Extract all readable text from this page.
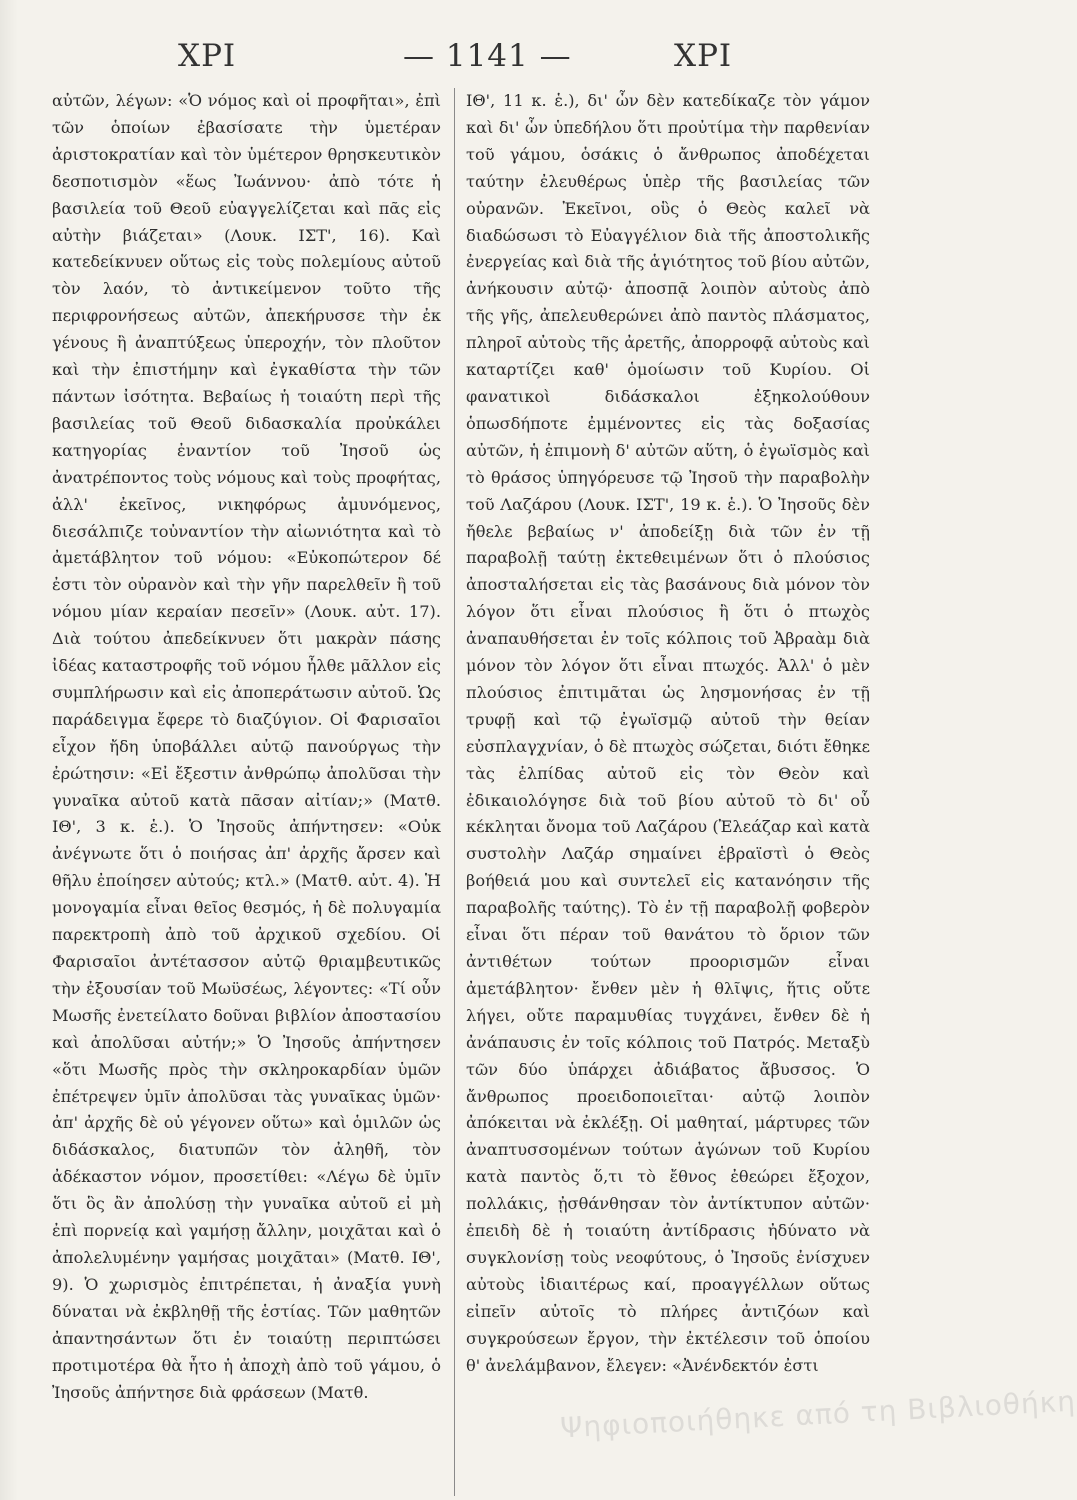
ΧΡΙ	— 1141 —	ΧΡΙ

αὐτῶν, λέγων: «Ὁ νόμος καὶ οἱ προφῆται», ἐπὶ τῶν ὁποίων ἐβασίσατε τὴν ὑμετέραν ἀριστοκρατίαν καὶ τὸν ὑμέτερον θρησκευτικὸν δεσποτισμὸν «ἕως Ἰωάννου· ἀπὸ τότε ἡ βασιλεία τοῦ Θεοῦ εὐαγγελίζεται καὶ πᾶς εἰς αὐτὴν βιάζεται» (Λουκ. ΙΣΤ', 16). Καὶ κατεδείκνυεν οὕτως εἰς τοὺς πολεμίους αὐτοῦ τὸν λαόν, τὸ ἀντικείμενον τοῦτο τῆς περιφρονήσεως αὐτῶν, ἀπεκήρυσσε τὴν ἐκ γένους ἢ ἀναπτύξεως ὑπεροχήν, τὸν πλοῦτον καὶ τὴν ἐπιστήμην καὶ ἐγκαθίστα τὴν τῶν πάντων ἰσότητα. Βεβαίως ἡ τοιαύτη περὶ τῆς βασιλείας τοῦ Θεοῦ διδασκαλία προὐκάλει κατηγορίας ἐναντίον τοῦ Ἰησοῦ ὡς ἀνατρέποντος τοὺς νόμους καὶ τοὺς προφήτας, ἀλλ' ἐκεῖνος, νικηφόρως ἀμυνόμενος, διεσάλπιζε τοὐναντίον τὴν αἰωνιότητα καὶ τὸ ἀμετάβλητον τοῦ νόμου: «Εὐκοπώτερον δέ ἐστι τὸν οὐρανὸν καὶ τὴν γῆν παρελθεῖν ἢ τοῦ νόμου μίαν κεραίαν πεσεῖν» (Λουκ. αὐτ. 17). Διὰ τούτου ἀπεδείκνυεν ὅτι μακρὰν πάσης ἰδέας καταστροφῆς τοῦ νόμου ἦλθε μᾶλλον εἰς συμπλήρωσιν καὶ εἰς ἀποπεράτωσιν αὐτοῦ. Ὡς παράδειγμα ἔφερε τὸ διαζύγιον. Οἱ Φαρισαῖοι εἶχον ἤδη ὑποβάλλει αὐτῷ πανούργως τὴν ἐρώτησιν: «Εἰ ἔξεστιν ἀνθρώπῳ ἀπολῦσαι τὴν γυναῖκα αὐτοῦ κατὰ πᾶσαν αἰτίαν;» (Ματθ. ΙΘ', 3 κ. ἑ.). Ὁ Ἰησοῦς ἀπήντησεν: «Οὐκ ἀνέγνωτε ὅτι ὁ ποιήσας ἀπ' ἀρχῆς ἄρσεν καὶ θῆλυ ἐποίησεν αὐτούς; κτλ.» (Ματθ. αὐτ. 4). Ἡ μονογαμία εἶναι θεῖος θεσμός, ἡ δὲ πολυγαμία παρεκτροπὴ ἀπὸ τοῦ ἀρχικοῦ σχεδίου. Οἱ Φαρισαῖοι ἀντέτασσον αὐτῷ θριαμβευτικῶς τὴν ἐξουσίαν τοῦ Μωϋσέως, λέγοντες: «Τί οὖν Μωσῆς ἐνετείλατο δοῦναι βιβλίον ἀποστασίου καὶ ἀπολῦσαι αὐτήν;» Ὁ Ἰησοῦς ἀπήντησεν «ὅτι Μωσῆς πρὸς τὴν σκληροκαρδίαν ὑμῶν ἐπέτρεψεν ὑμῖν ἀπολῦσαι τὰς γυναῖκας ὑμῶν· ἀπ' ἀρχῆς δὲ οὐ γέγονεν οὕτω» καὶ ὁμιλῶν ὡς διδάσκαλος, διατυπῶν τὸν ἀληθῆ, τὸν ἀδέκαστον νόμον, προσετίθει: «Λέγω δὲ ὑμῖν ὅτι ὃς ἂν ἀπολύσῃ τὴν γυναῖκα αὐτοῦ εἰ μὴ ἐπὶ πορνείᾳ καὶ γαμήσῃ ἄλλην, μοιχᾶται καὶ ὁ ἀπολελυμένην γαμήσας μοιχᾶται» (Ματθ. ΙΘ', 9). Ὁ χωρισμὸς ἐπιτρέπεται, ἡ ἀναξία γυνὴ δύναται νὰ ἐκβληθῇ τῆς ἑστίας. Τῶν μαθητῶν ἀπαντησάντων ὅτι ἐν τοιαύτῃ περιπτώσει προτιμοτέρα θὰ ἦτο ἡ ἀποχὴ ἀπὸ τοῦ γάμου, ὁ Ἰησοῦς ἀπήντησε διὰ φράσεων (Ματθ.

ΙΘ', 11 κ. ἑ.), δι' ὧν δὲν κατεδίκαζε τὸν γάμον καὶ δι' ὧν ὑπεδήλου ὅτι προὐτίμα τὴν παρθενίαν τοῦ γάμου, ὁσάκις ὁ ἄνθρωπος ἀποδέχεται ταύτην ἐλευθέρως ὑπὲρ τῆς βασιλείας τῶν οὐρανῶν. Ἐκεῖνοι, οὓς ὁ Θεὸς καλεῖ νὰ διαδώσωσι τὸ Εὐαγγέλιον διὰ τῆς ἀποστολικῆς ἐνεργείας καὶ διὰ τῆς ἁγιότητος τοῦ βίου αὐτῶν, ἀνήκουσιν αὐτῷ· ἀποσπᾷ λοιπὸν αὐτοὺς ἀπὸ τῆς γῆς, ἀπελευθερώνει ἀπὸ παντὸς πλάσματος, πληροῖ αὐτοὺς τῆς ἀρετῆς, ἀπορροφᾷ αὐτοὺς καὶ καταρτίζει καθ' ὁμοίωσιν τοῦ Κυρίου. Οἱ φανατικοὶ διδάσκαλοι ἐξηκολούθουν ὁπωσδήποτε ἐμμένοντες εἰς τὰς δοξασίας αὐτῶν, ἡ ἐπιμονὴ δ' αὐτῶν αὕτη, ὁ ἐγωϊσμὸς καὶ τὸ θράσος ὑπηγόρευσε τῷ Ἰησοῦ τὴν παραβολὴν τοῦ Λαζάρου (Λουκ. ΙΣΤ', 19 κ. ἑ.). Ὁ Ἰησοῦς δὲν ἤθελε βεβαίως ν' ἀποδείξῃ διὰ τῶν ἐν τῇ παραβολῇ ταύτῃ ἐκτεθειμένων ὅτι ὁ πλούσιος ἀποσταλήσεται εἰς τὰς βασάνους διὰ μόνον τὸν λόγον ὅτι εἶναι πλούσιος ἢ ὅτι ὁ πτωχὸς ἀναπαυθήσεται ἐν τοῖς κόλποις τοῦ Ἀβραὰμ διὰ μόνον τὸν λόγον ὅτι εἶναι πτωχός. Ἀλλ' ὁ μὲν πλούσιος ἐπιτιμᾶται ὡς λησμονήσας ἐν τῇ τρυφῇ καὶ τῷ ἐγωϊσμῷ αὐτοῦ τὴν θείαν εὐσπλαγχνίαν, ὁ δὲ πτωχὸς σώζεται, διότι ἔθηκε τὰς ἐλπίδας αὐτοῦ εἰς τὸν Θεὸν καὶ ἐδικαιολόγησε διὰ τοῦ βίου αὐτοῦ τὸ δι' οὗ κέκληται ὄνομα τοῦ Λαζάρου (Ἐλεάζαρ καὶ κατὰ συστολὴν Λαζάρ σημαίνει ἑβραϊστὶ ὁ Θεὸς βοήθειά μου καὶ συντελεῖ εἰς κατανόησιν τῆς παραβολῆς ταύτης). Τὸ ἐν τῇ παραβολῇ φοβερὸν εἶναι ὅτι πέραν τοῦ θανάτου τὸ ὅριον τῶν ἀντιθέτων τούτων προορισμῶν εἶναι ἀμετάβλητον· ἔνθεν μὲν ἡ θλῖψις, ἥτις οὔτε λήγει, οὔτε παραμυθίας τυγχάνει, ἔνθεν δὲ ἡ ἀνάπαυσις ἐν τοῖς κόλποις τοῦ Πατρός. Μεταξὺ τῶν δύο ὑπάρχει ἀδιάβατος ἄβυσσος. Ὁ ἄνθρωπος προειδοποιεῖται· αὐτῷ λοιπὸν ἀπόκειται νὰ ἐκλέξῃ. Οἱ μαθηταί, μάρτυρες τῶν ἀναπτυσσομένων τούτων ἀγώνων τοῦ Κυρίου κατὰ παντὸς ὅ,τι τὸ ἔθνος ἐθεώρει ἔξοχον, πολλάκις, ᾐσθάνθησαν τὸν ἀντίκτυπον αὐτῶν· ἐπειδὴ δὲ ἡ τοιαύτη ἀντίδρασις ἠδύνατο νὰ συγκλονίσῃ τοὺς νεοφύτους, ὁ Ἰησοῦς ἐνίσχυεν αὐτοὺς ἰδιαιτέρως καί, προαγγέλλων οὕτως εἰπεῖν αὐτοῖς τὸ πλήρες ἀντιζόων καὶ συγκρούσεων ἔργον, τὴν ἐκτέλεσιν τοῦ ὁποίου θ' ἀνελάμβανον, ἔλεγεν: «Ἀνένδεκτόν ἐστι

Ψηφιοποιήθηκε από τη Βιβλιοθήκη
